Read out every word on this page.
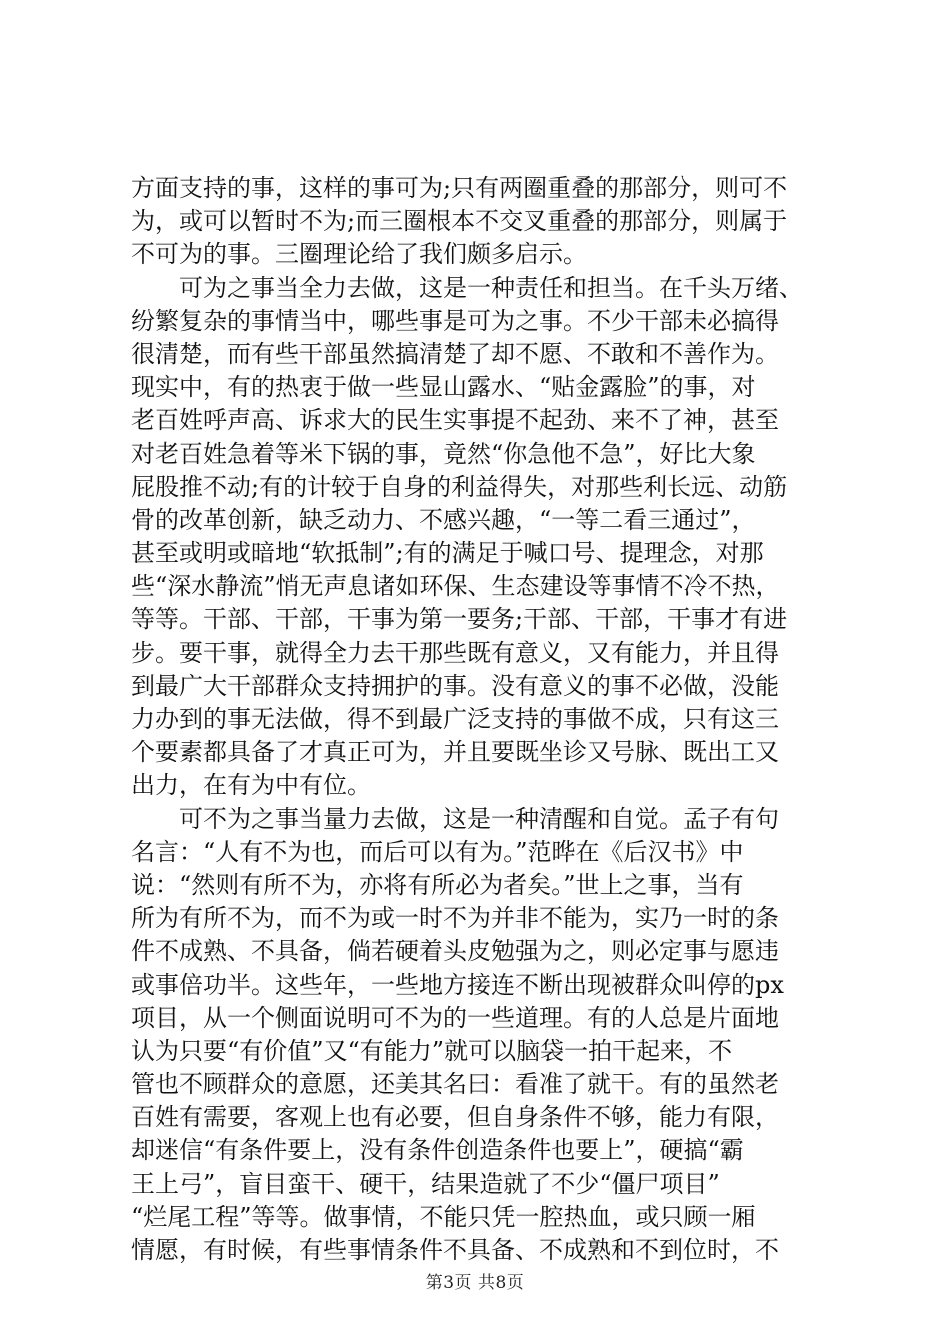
方面支持的事，这样的事可为;只有两圈重叠的那部分，则可不
为，或可以暂时不为;而三圈根本不交叉重叠的那部分，则属于
不可为的事。三圈理论给了我们颇多启示。
　　可为之事当全力去做，这是一种责任和担当。在千头万绪、
纷繁复杂的事情当中，哪些事是可为之事。不少干部未必搞得
很清楚，而有些干部虽然搞清楚了却不愿、不敢和不善作为。
现实中，有的热衷于做一些显山露水、“贴金露脸”的事，对
老百姓呼声高、诉求大的民生实事提不起劲、来不了神，甚至
对老百姓急着等米下锅的事，竟然“你急他不急”，好比大象
屁股推不动;有的计较于自身的利益得失，对那些利长远、动筋
骨的改革创新，缺乏动力、不感兴趣，“一等二看三通过”，
甚至或明或暗地“软抵制”;有的满足于喊口号、提理念，对那
些“深水静流”悄无声息诸如环保、生态建设等事情不冷不热，
等等。干部、干部，干事为第一要务;干部、干部，干事才有进
步。要干事，就得全力去干那些既有意义，又有能力，并且得
到最广大干部群众支持拥护的事。没有意义的事不必做，没能
力办到的事无法做，得不到最广泛支持的事做不成，只有这三
个要素都具备了才真正可为，并且要既坐诊又号脉、既出工又
出力，在有为中有位。
　　可不为之事当量力去做，这是一种清醒和自觉。孟子有句
名言：“人有不为也，而后可以有为。”范晔在《后汉书》中
说：“然则有所不为，亦将有所必为者矣。”世上之事，当有
所为有所不为，而不为或一时不为并非不能为，实乃一时的条
件不成熟、不具备，倘若硬着头皮勉强为之，则必定事与愿违
或事倍功半。这些年，一些地方接连不断出现被群众叫停的px
项目，从一个侧面说明可不为的一些道理。有的人总是片面地
认为只要“有价值”又“有能力”就可以脑袋一拍干起来，不
管也不顾群众的意愿，还美其名曰：看准了就干。有的虽然老
百姓有需要，客观上也有必要，但自身条件不够，能力有限，
却迷信“有条件要上，没有条件创造条件也要上”，硬搞“霸
王上弓”，盲目蛮干、硬干，结果造就了不少“僵尸项目”
“烂尾工程”等等。做事情，不能只凭一腔热血，或只顾一厢
情愿，有时候，有些事情条件不具备、不成熟和不到位时，不
第3页 共8页
